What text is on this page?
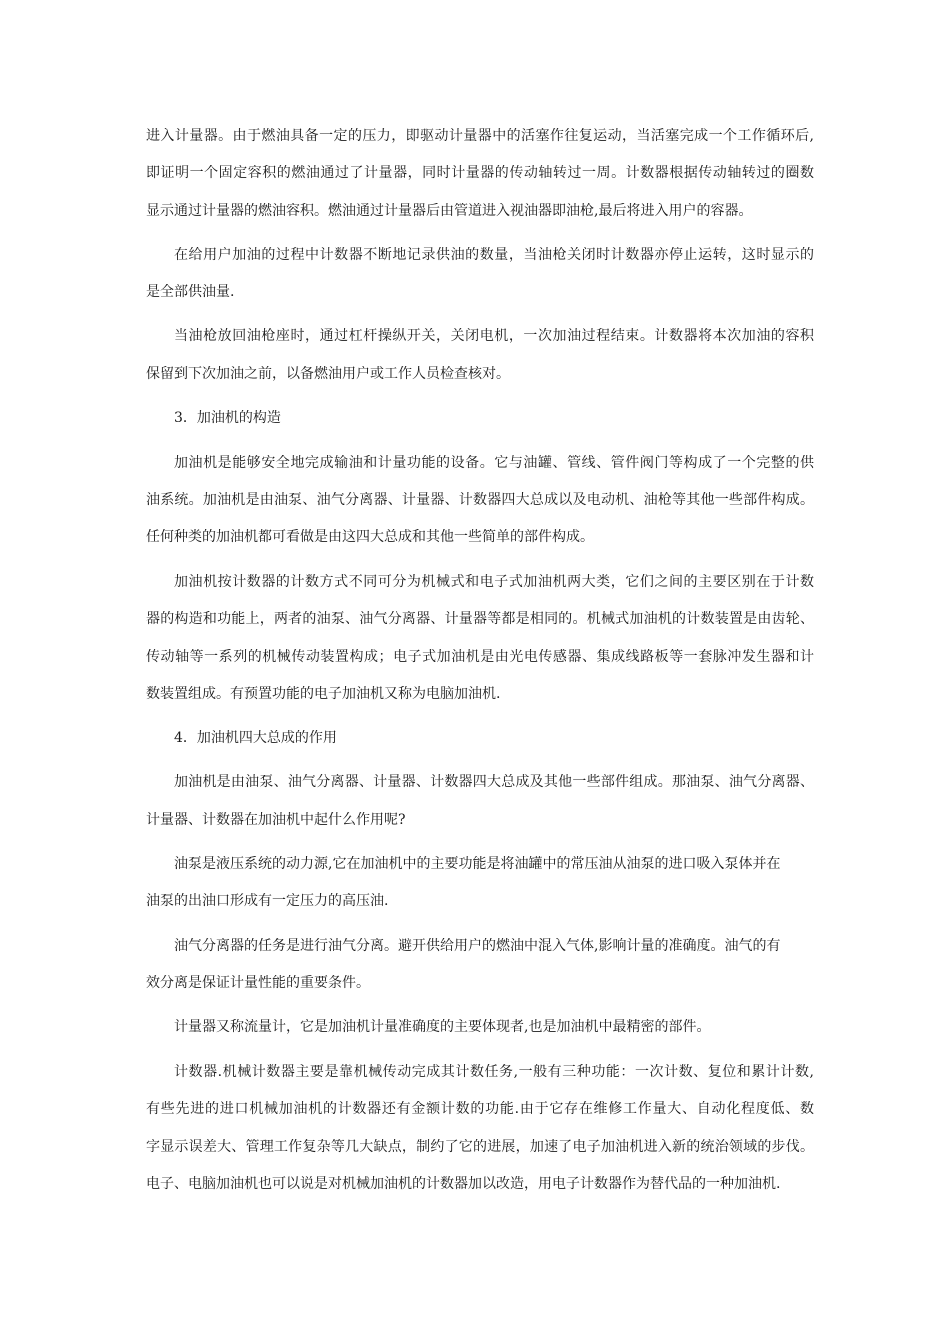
进入计量器。由于燃油具备一定的压力，即驱动计量器中的活塞作往复运动，当活塞完成一个工作循环后,
即证明一个固定容积的燃油通过了计量器，同时计量器的传动轴转过一周。计数器根据传动轴转过的圈数
显示通过计量器的燃油容积。燃油通过计量器后由管道进入视油器即油枪,最后将进入用户的容器。
在给用户加油的过程中计数器不断地记录供油的数量，当油枪关闭时计数器亦停止运转，这时显示的
是全部供油量.
当油枪放回油枪座时，通过杠杆操纵开关，关闭电机，一次加油过程结束。计数器将本次加油的容积
保留到下次加油之前，以备燃油用户或工作人员检查核对。
3．加油机的构造
加油机是能够安全地完成输油和计量功能的设备。它与油罐、管线、管件阀门等构成了一个完整的供
油系统。加油机是由油泵、油气分离器、计量器、计数器四大总成以及电动机、油枪等其他一些部件构成。
任何种类的加油机都可看做是由这四大总成和其他一些简单的部件构成。
加油机按计数器的计数方式不同可分为机械式和电子式加油机两大类，它们之间的主要区别在于计数
器的构造和功能上，两者的油泵、油气分离器、计量器等都是相同的。机械式加油机的计数装置是由齿轮、
传动轴等一系列的机械传动装置构成；电子式加油机是由光电传感器、集成线路板等一套脉冲发生器和计
数装置组成。有预置功能的电子加油机又称为电脑加油机.
4．加油机四大总成的作用
加油机是由油泵、油气分离器、计量器、计数器四大总成及其他一些部件组成。那油泵、油气分离器、
计量器、计数器在加油机中起什么作用呢?
油泵是液压系统的动力源,它在加油机中的主要功能是将油罐中的常压油从油泵的进口吸入泵体并在
油泵的出油口形成有一定压力的高压油.
油气分离器的任务是进行油气分离。避开供给用户的燃油中混入气体,影响计量的准确度。油气的有
效分离是保证计量性能的重要条件。
计量器又称流量计，它是加油机计量准确度的主要体现者,也是加油机中最精密的部件。
计数器.机械计数器主要是靠机械传动完成其计数任务,一般有三种功能：一次计数、复位和累计计数,
有些先进的进口机械加油机的计数器还有金额计数的功能.由于它存在维修工作量大、自动化程度低、数
字显示误差大、管理工作复杂等几大缺点，制约了它的进展，加速了电子加油机进入新的统治领域的步伐。
电子、电脑加油机也可以说是对机械加油机的计数器加以改造，用电子计数器作为替代品的一种加油机.
